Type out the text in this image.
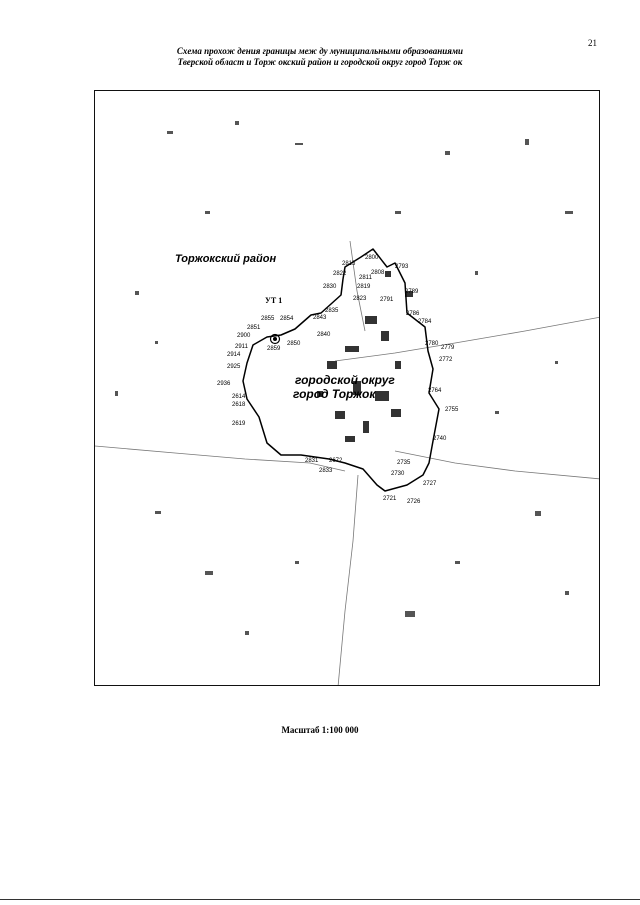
21
Схема прохож дения границы меж ду муниципальными образованиями
Тверской област и Торж окский район и городской округ город Торж ок
Торжокский район
УТ 1
городской округ
город Торжок
2800
2815
2822
2811
2808
2793
2830	2819
2823
2789
2791
2835	2786
2784
2843
2855 2854
2840
2779
2900
2851
2780
2911	2850
2859
2772
2914
2925
2764
2936
2614
2618
2619
2755
2831 2672	2735
2833
2740
2730
2727
2721 2726
Масштаб 1:100 000
